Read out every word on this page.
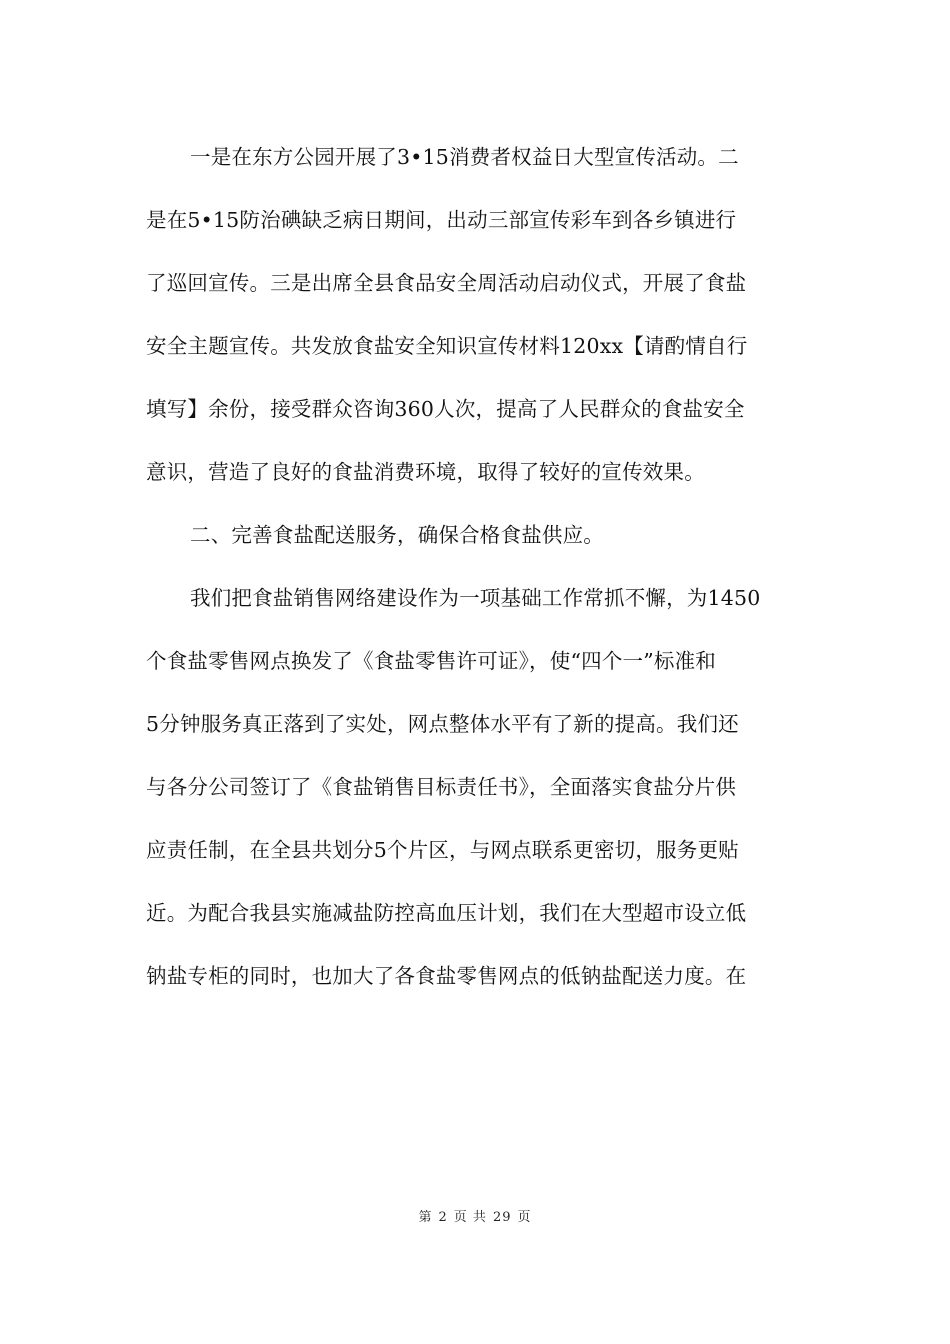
一是在东方公园开展了3•15消费者权益日大型宣传活动。二
是在5•15防治碘缺乏病日期间，出动三部宣传彩车到各乡镇进行
了巡回宣传。三是出席全县食品安全周活动启动仪式，开展了食盐
安全主题宣传。共发放食盐安全知识宣传材料120xx【请酌情自行
填写】余份，接受群众咨询360人次，提高了人民群众的食盐安全
意识，营造了良好的食盐消费环境，取得了较好的宣传效果。
二、完善食盐配送服务，确保合格食盐供应。
我们把食盐销售网络建设作为一项基础工作常抓不懈，为1450
个食盐零售网点换发了《食盐零售许可证》，使“四个一”标准和
5分钟服务真正落到了实处，网点整体水平有了新的提高。我们还
与各分公司签订了《食盐销售目标责任书》，全面落实食盐分片供
应责任制，在全县共划分5个片区，与网点联系更密切，服务更贴
近。为配合我县实施减盐防控高血压计划，我们在大型超市设立低
钠盐专柜的同时，也加大了各食盐零售网点的低钠盐配送力度。在
第 2 页 共 29 页
